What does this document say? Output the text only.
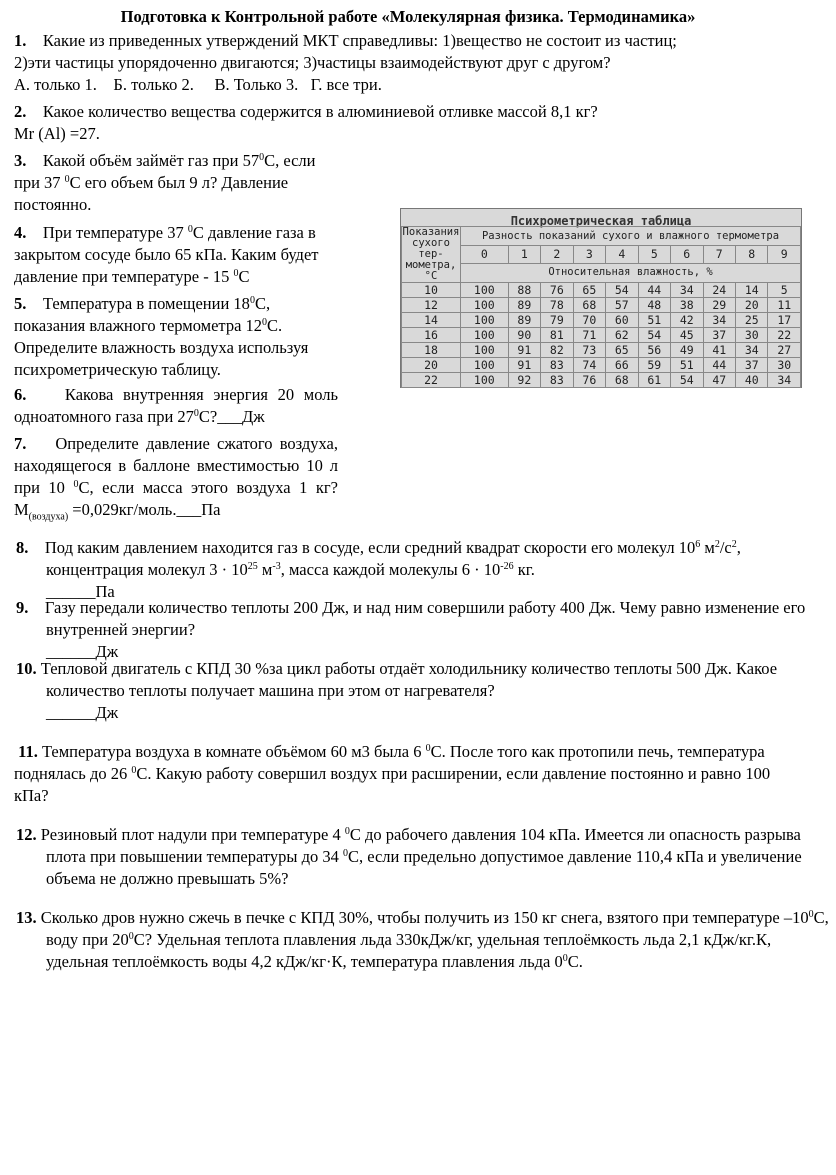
Подготовка к Контрольной работе «Молекулярная физика. Термодинамика»
1. Какие из приведенных утверждений МКТ справедливы: 1)вещество не состоит из частиц;
2)эти частицы упорядоченно двигаются; 3)частицы взаимодействуют друг с другом?
А. только 1.    Б. только 2.     В. Только 3.   Г. все три.
2. Какое количество вещества содержится в алюминиевой отливке массой 8,1 кг?
Мr (Al) =27.
3. Какой объём займёт газ при $57^0С$, если при 37 $^0$С его объем был 9 л? Давление постоянно.
4. При температуре 37 $^0$С давление газа в закрытом сосуде было 65 кПа. Каким будет давление при температуре - 15 $^0$С
5. Температура в помещении $18^0С$, показания влажного термометра $12^0С$. Определите влажность воздуха используя психрометрическую таблицу.
6. Какова внутренняя энергия 20 моль одноатомного газа при $27^0С?\_\_\_Дж$
7. Определите давление сжатого воздуха, находящегося в баллоне вместимостью 10 л при 10 $^0$С, если масса этого воздуха 1 кг? $М_{(воздуха)}$ =0,029кг/моль.___Па
Психрометрическая таблица
Показания сухого тер-мометра, °С	Разность показаний сухого и влажного термометра									
	0	1	2	3	4	5	6	7	8	9
	Относительная влажность, %									
10	100	88	76	65	54	44	34	24	14	5
12	100	89	78	68	57	48	38	29	20	11
14	100	89	79	70	60	51	42	34	25	17
16	100	90	81	71	62	54	45	37	30	22
18	100	91	82	73	65	56	49	41	34	27
20	100	91	83	74	66	59	51	44	37	30
22	100	92	83	76	68	61	54	47	40	34
8. Под каким давлением находится газ в сосуде, если средний квадрат скорости его молекул $10^6$ $м^2/с^2$, концентрация молекул $3 \cdot 10^{25}$ $м^{-3}$, масса каждой молекулы $6 \cdot 10^{-26}$ кг.
______Па
9. Газу передали количество теплоты 200 Дж, и над ним совершили работу 400 Дж. Чему равно изменение его внутренней энергии?
______Дж
10. Тепловой двигатель с КПД 30 %за цикл работы отдаёт холодильнику количество теплоты 500 Дж. Какое количество теплоты получает машина при этом от нагревателя?
______Дж
11. Температура воздуха в комнате объёмом 60 м3 была 6 $^0$С. После того как протопили печь, температура поднялась до 26 $^0$С. Какую работу совершил воздух при расширении, если давление постоянно и равно 100 кПа?
12. Резиновый плот надули при температуре 4 $^0$С до рабочего давления 104 кПа. Имеется ли опасность разрыва плота при повышении температуры до 34 $^0$С, если предельно допустимое давление 110,4 кПа и увеличение объема не должно превышать 5%?
13. Сколько дров нужно сжечь в печке с КПД 30%, чтобы получить из 150 кг снега, взятого при температуре $-10^0С$, воду при $20^0С$? Удельная теплота плавления льда 330кДж/кг, удельная теплоёмкость льда 2,1 кДж/кг.К, удельная теплоёмкость воды 4,2 кДж/кг·К, температура плавления льда $0^0С$.
